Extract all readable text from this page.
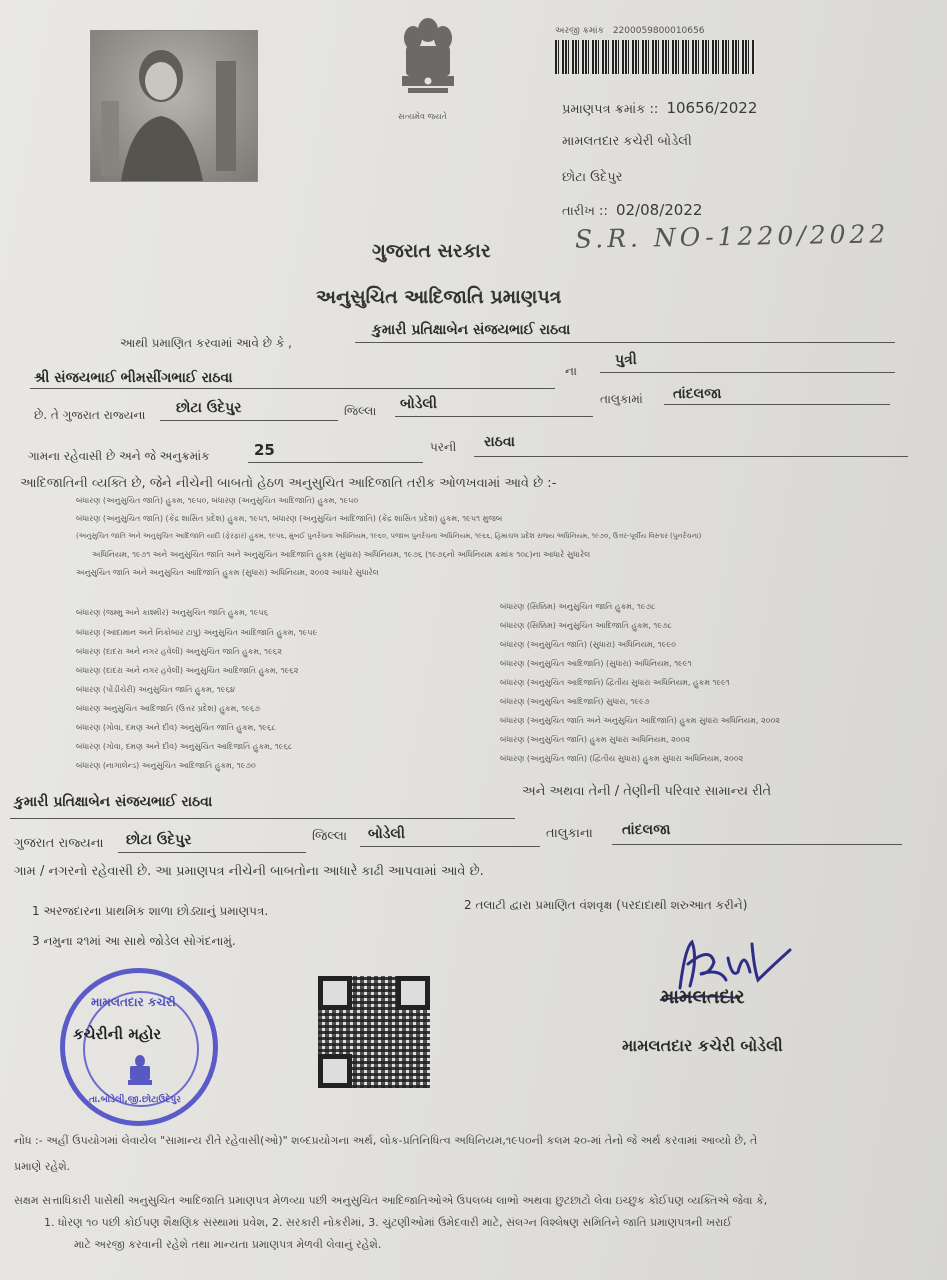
સત્યમેવ જયતે
અરજી ક્રમાંક 2200059800010656
પ્રમાણપત્ર ક્રમાંક :: 10656/2022
મામલતદાર કચેરી બોડેલી
છોટા ઉદેપુર
તારીખ :: 02/08/2022
S.R. NO-1220/2022
ગુજરાત સરકાર
અનુસુચિત આદિજાતિ પ્રમાણપત્ર
આથી પ્રમાણિત કરવામાં આવે છે કે ,
કુમારી પ્રતિક્ષાબેન સંજયભાઈ રાઠવા
શ્રી સંજયભાઈ ભીમસીંગભાઈ રાઠવા	ના
પુત્રી
છે. તે ગુજરાત રાજ્યના છોટા ઉદેપુર	જિલ્લા બોડેલી	તાલુકામાં તાંદલજા
ગામના રહેવાસી છે અને જે અનુક્રમાંક	25	પરની રાઠવા
આદિજાતિની વ્યક્તિ છે, જેને નીચેની બાબતો હેઠળ અનુસુચિત આદિજાતિ તરીક ઓળખવામાં આવે છે :-
બંધારણ (અનુસુચિત જાતિ) હુકમ, ૧૯૫૦, બંધારણ (અનુસુચિત આદિજાતિ) હુકમ, ૧૯૫૦
બંધારણ (અનુસુચિત જાતિ) (કેંદ્ર શાસિત પ્રદેશ) હુકમ, ૧૯૫૧, બંધારણ (અનુસુચિત આદિજાતિ) (કેંદ્ર શાસિત પ્રદેશ) હુકમ, ૧૯૫૧ મુજબ
(અનુસુચિત જાતિ અને અનુસુચિત આદિજાતિ યાદી (ફેરફાર) હુકમ, ૧૯૫૬, મુંબઈ પુનર્રચના અધિનિયમ, ૧૯૬૦, પંજાબ પુનર્રચના અધિનિયમ, ૧૯૬૬, હિમાચલ પ્રદેશ રાજ્ય અધિનિયમ, ૧૯૭૦, ઉત્તર-પૂર્વીય વિસ્તાર (પુનર્રચના)
અધિનિયમ, ૧૯૭૧ અને અનુસુચિત જાતિ અને અનુસુચિત આદિજાતિ હુકમ (સુધારા) અધિનિયમ, ૧૯૭૬ (૧૯૭૬નો અધિનિયમ ક્રમાંક ૧૦૮)ના આધારે સુધારેલ
અનુસુચિત જાતિ અને અનુસુચિત આદિજાતિ હુકમ (સુધારા) અધિનિયમ, ૨૦૦૨ આધારે સુધારેલ
બંધારણ (જમ્મુ અને કાશ્મીર) અનુસુચિત જાતિ હુકમ, ૧૯૫૬
બંધારણ (આંદામાન અને નિકોબાર ટાપુ) અનુસુચિત આદિજાતિ હુકમ, ૧૯૫૯
બંધારણ (દાદરા અને નગર હવેલી) અનુસુચિત જાતિ હુકમ, ૧૯૬૨
બંધારણ (દાદરા અને નગર હવેલી) અનુસુચિત આદિજાતિ હુકમ, ૧૯૬૨
બંધારણ (પોંડીચેરી) અનુસુચિત જાતિ હુકમ, ૧૯૬૪
બંધારણ અનુસુચિત આદિજાતિ (ઉત્તર પ્રદેશ) હુકમ, ૧૯૬૭
બંધારણ (ગોવા, દમણ અને દીવ) અનુસુચિત જાતિ હુકમ, ૧૯૬૮
બંધારણ (ગોવા, દમણ અને દીવ) અનુસુચિત આદિજાતિ હુકમ, ૧૯૬૮
બંધારણ (નાગાલેન્ડ) અનુસુચિત આદિજાતિ હુકમ, ૧૯૭૦
બંધારણ (સિક્કિમ) અનુસુચિત જાતિ હુકમ, ૧૯૭૮
બંધારણ (સિક્કિમ) અનુસુચિત આદિજાતિ હુકમ, ૧૯૭૮
બંધારણ (અનુસુચિત જાતિ) (સુધારા) અધિનિયમ, ૧૯૯૦
બંધારણ (અનુસુચિત આદિજાતિ) (સુધારા) અધિનિયમ, ૧૯૯૧
બંધારણ (અનુસુચિત આદિજાતિ) દ્વિતીય સુધારા અધિનિયમ, હુકમ ૧૯૯૧
બંધારણ (અનુસુચિત આદિજાતિ) સુધારા, ૧૯૯૭
બંધારણ (અનુસુચિત જાતિ અને અનુસુચિત આદિજાતિ) હુકમ સુધારા અધિનિયમ, ૨૦૦૨
બંધારણ (અનુસુચિત જાતિ) હુકમ સુધારા અધિનિયમ, ૨૦૦૨
બંધારણ (અનુસુચિત જાતિ) (દ્વિતીય સુધારા) હુકમ સુધારા અધિનિયમ, ૨૦૦૨
કુમારી પ્રતિક્ષાબેન સંજયભાઈ રાઠવા
અને અથવા તેની / તેણીની પરિવાર સામાન્ય રીતે
ગુજરાત રાજ્યના છોટા ઉદેપુર	જિલ્લા બોડેલી	તાલુકાના તાંદલજા
ગામ / નગરનો રહેવાસી છે. આ પ્રમાણપત્ર નીચેની બાબતોના આધારે કાઢી આપવામાં આવે છે.
1 અરજદારના પ્રાથમિક શાળા છોડ્યાનું પ્રમાણપત્ર.	2 તલાટી દ્વારા પ્રમાણિત વંશવૃક્ષ (પરદાદાથી શરુઆત કરીને)
3 નમુના ૨૧માં આ સાથે જોડેલ સોગંદનામું.
મામલતદાર કચેરી
કચેરીની મહોર
તા.બોડેલી,જી.છોટાઉદેપુર
મામલતદાર
મામલતદાર કચેરી બોડેલી
નોંધ :- અહીં ઉપયોગમાં લેવાયેલ "સામાન્ય રીતે રહેવાસી(ઓ)" શબ્દપ્રયોગના અર્થ, લોક-પ્રતિનિધિત્વ અધિનિયમ,૧૯૫૦ની કલમ ૨૦-માં તેનો જે અર્થ કરવામાં આવ્યો છે, તે
પ્રમાણે રહેશે.
સક્ષમ સત્તાધિકારી પાસેથી અનુસુચિત આદિજાતિ પ્રમાણપત્ર મેળવ્યા પછી અનુસુચિત આદિજાતિઓએ ઉપલબ્ધ લાભો અથવા છુટછાટો લેવા ઇચ્છુક કોઈપણ વ્યક્તિએ જેવા કે,
1. ધોરણ ૧૦ પછી કોઈપણ શૈક્ષણિક સંસ્થામાં પ્રવેશ, 2. સરકારી નોકરીમાં, 3. ચુંટણીઓમાં ઉમેદવારી માટે, સંલગ્ન વિશ્લેષણ સમિતિને જાતિ પ્રમાણપત્રની ખરાઈ
માટે અરજી કરવાની રહેશે તથા માન્યતા પ્રમાણપત્ર મેળવી લેવાનું રહેશે.
